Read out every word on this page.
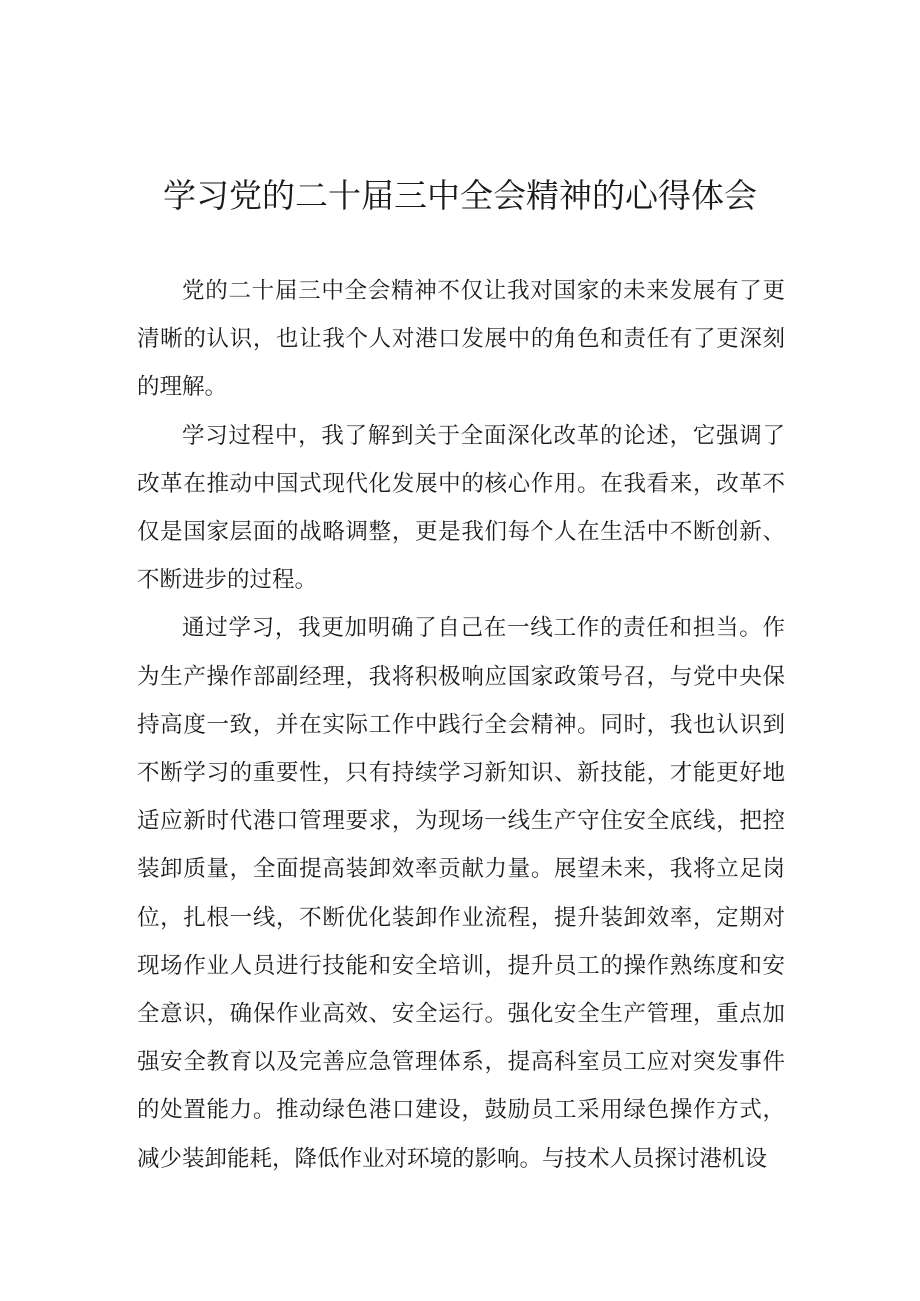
学习党的二十届三中全会精神的心得体会

党的二十届三中全会精神不仅让我对国家的未来发展有了更清晰的认识，也让我个人对港口发展中的角色和责任有了更深刻的理解。

学习过程中，我了解到关于全面深化改革的论述，它强调了改革在推动中国式现代化发展中的核心作用。在我看来，改革不仅是国家层面的战略调整，更是我们每个人在生活中不断创新、不断进步的过程。

通过学习，我更加明确了自己在一线工作的责任和担当。作为生产操作部副经理，我将积极响应国家政策号召，与党中央保持高度一致，并在实际工作中践行全会精神。同时，我也认识到不断学习的重要性，只有持续学习新知识、新技能，才能更好地适应新时代港口管理要求，为现场一线生产守住安全底线，把控装卸质量，全面提高装卸效率贡献力量。展望未来，我将立足岗位，扎根一线，不断优化装卸作业流程，提升装卸效率，定期对现场作业人员进行技能和安全培训，提升员工的操作熟练度和安全意识，确保作业高效、安全运行。强化安全生产管理，重点加强安全教育以及完善应急管理体系，提高科室员工应对突发事件的处置能力。推动绿色港口建设，鼓励员工采用绿色操作方式，减少装卸能耗，降低作业对环境的影响。与技术人员探讨港机设
